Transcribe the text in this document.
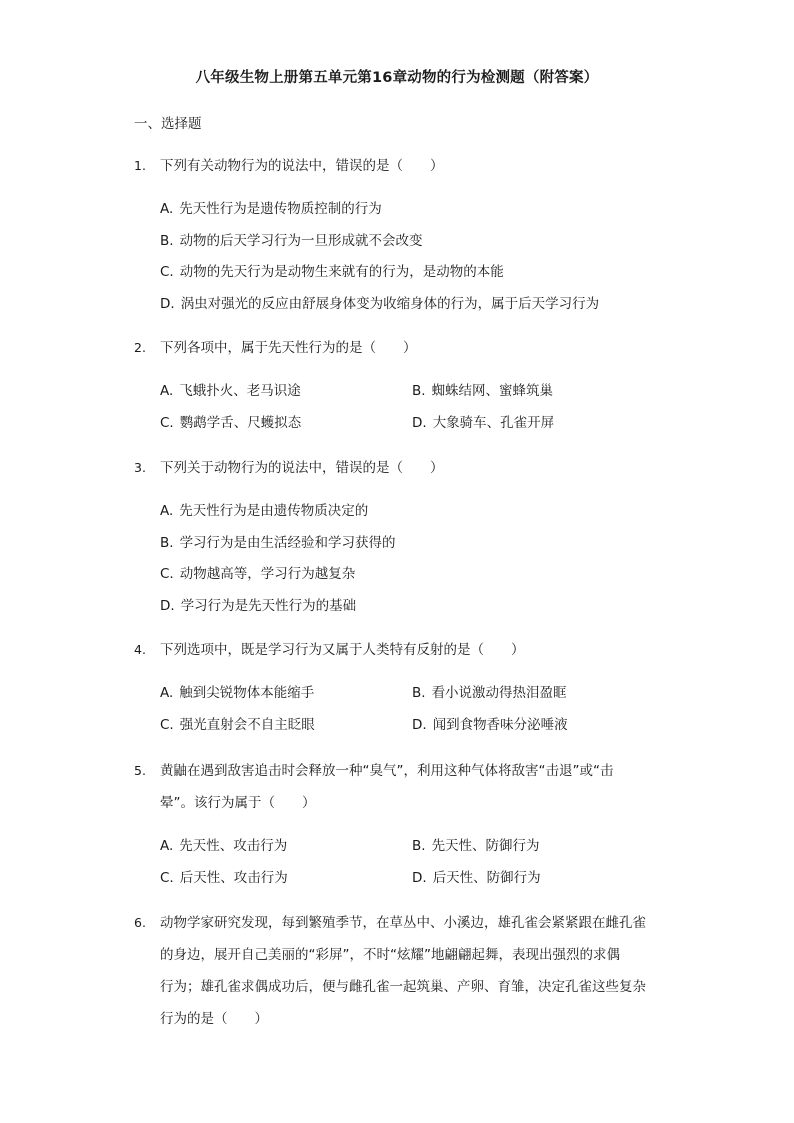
八年级生物上册第五单元第16章动物的行为检测题（附答案）
一、选择题
1. 下列有关动物行为的说法中，错误的是（　　）
A. 先天性行为是遗传物质控制的行为
B. 动物的后天学习行为一旦形成就不会改变
C. 动物的先天行为是动物生来就有的行为，是动物的本能
D. 涡虫对强光的反应由舒展身体变为收缩身体的行为，属于后天学习行为
2. 下列各项中，属于先天性行为的是（　　）
A. 飞蛾扑火、老马识途	B. 蜘蛛结网、蜜蜂筑巢
C. 鹦鹉学舌、尺蠖拟态	D. 大象骑车、孔雀开屏
3. 下列关于动物行为的说法中，错误的是（　　）
A. 先天性行为是由遗传物质决定的
B. 学习行为是由生活经验和学习获得的
C. 动物越高等，学习行为越复杂
D. 学习行为是先天性行为的基础
4. 下列选项中，既是学习行为又属于人类特有反射的是（　　）
A. 触到尖锐物体本能缩手	B. 看小说激动得热泪盈眶
C. 强光直射会不自主眨眼	D. 闻到食物香味分泌唾液
5. 黄鼬在遇到敌害追击时会释放一种“臭气”，利用这种气体将敌害“击退”或“击
晕”。该行为属于（　　）
A. 先天性、攻击行为	B. 先天性、防御行为
C. 后天性、攻击行为	D. 后天性、防御行为
6. 动物学家研究发现，每到繁殖季节，在草丛中、小溪边，雄孔雀会紧紧跟在雌孔雀
的身边，展开自己美丽的“彩屏”，不时“炫耀”地翩翩起舞，表现出强烈的求偶
行为；雄孔雀求偶成功后，便与雌孔雀一起筑巢、产卵、育雏，决定孔雀这些复杂
行为的是（　　）
